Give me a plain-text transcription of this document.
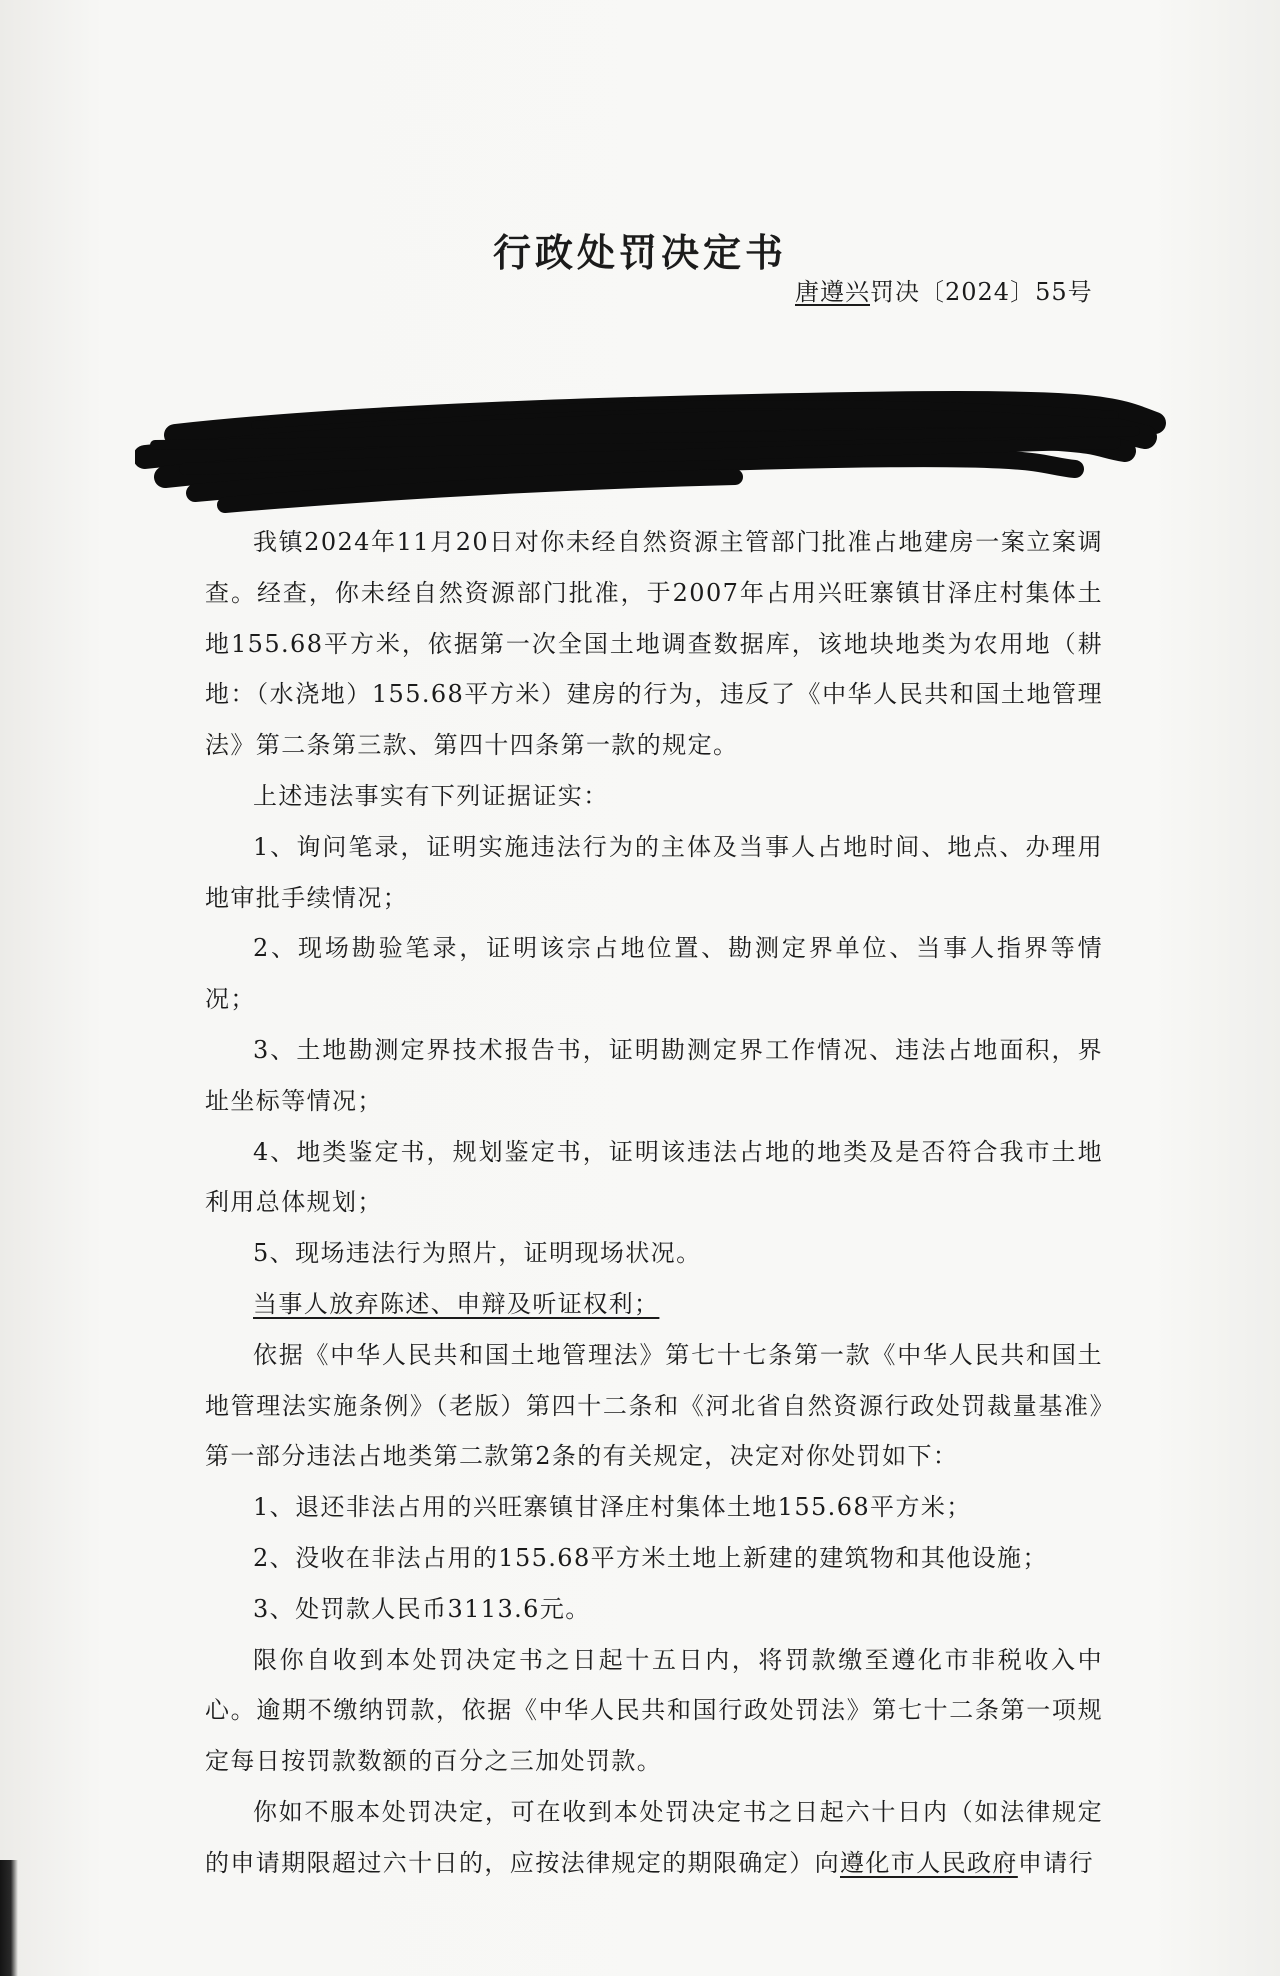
行政处罚决定书
唐遵兴罚决〔2024〕55号

我镇2024年11月20日对你未经自然资源主管部门批准占地建房一案立案调查。经查，你未经自然资源部门批准，于2007年占用兴旺寨镇甘泽庄村集体土地155.68平方米，依据第一次全国土地调查数据库，该地块地类为农用地（耕地：（水浇地）155.68平方米）建房的行为，违反了《中华人民共和国土地管理法》第二条第三款、第四十四条第一款的规定。

上述违法事实有下列证据证实：

1、询问笔录，证明实施违法行为的主体及当事人占地时间、地点、办理用地审批手续情况；

2、现场勘验笔录，证明该宗占地位置、勘测定界单位、当事人指界等情况；

3、土地勘测定界技术报告书，证明勘测定界工作情况、违法占地面积，界址坐标等情况；

4、地类鉴定书，规划鉴定书，证明该违法占地的地类及是否符合我市土地利用总体规划；

5、现场违法行为照片，证明现场状况。

当事人放弃陈述、申辩及听证权利；

依据《中华人民共和国土地管理法》第七十七条第一款《中华人民共和国土地管理法实施条例》（老版）第四十二条和《河北省自然资源行政处罚裁量基准》第一部分违法占地类第二款第2条的有关规定，决定对你处罚如下：

1、退还非法占用的兴旺寨镇甘泽庄村集体土地155.68平方米；

2、没收在非法占用的155.68平方米土地上新建的建筑物和其他设施；

3、处罚款人民币3113.6元。

限你自收到本处罚决定书之日起十五日内，将罚款缴至遵化市非税收入中心。逾期不缴纳罚款，依据《中华人民共和国行政处罚法》第七十二条第一项规定每日按罚款数额的百分之三加处罚款。

你如不服本处罚决定，可在收到本处罚决定书之日起六十日内（如法律规定的申请期限超过六十日的，应按法律规定的期限确定）向遵化市人民政府申请行
